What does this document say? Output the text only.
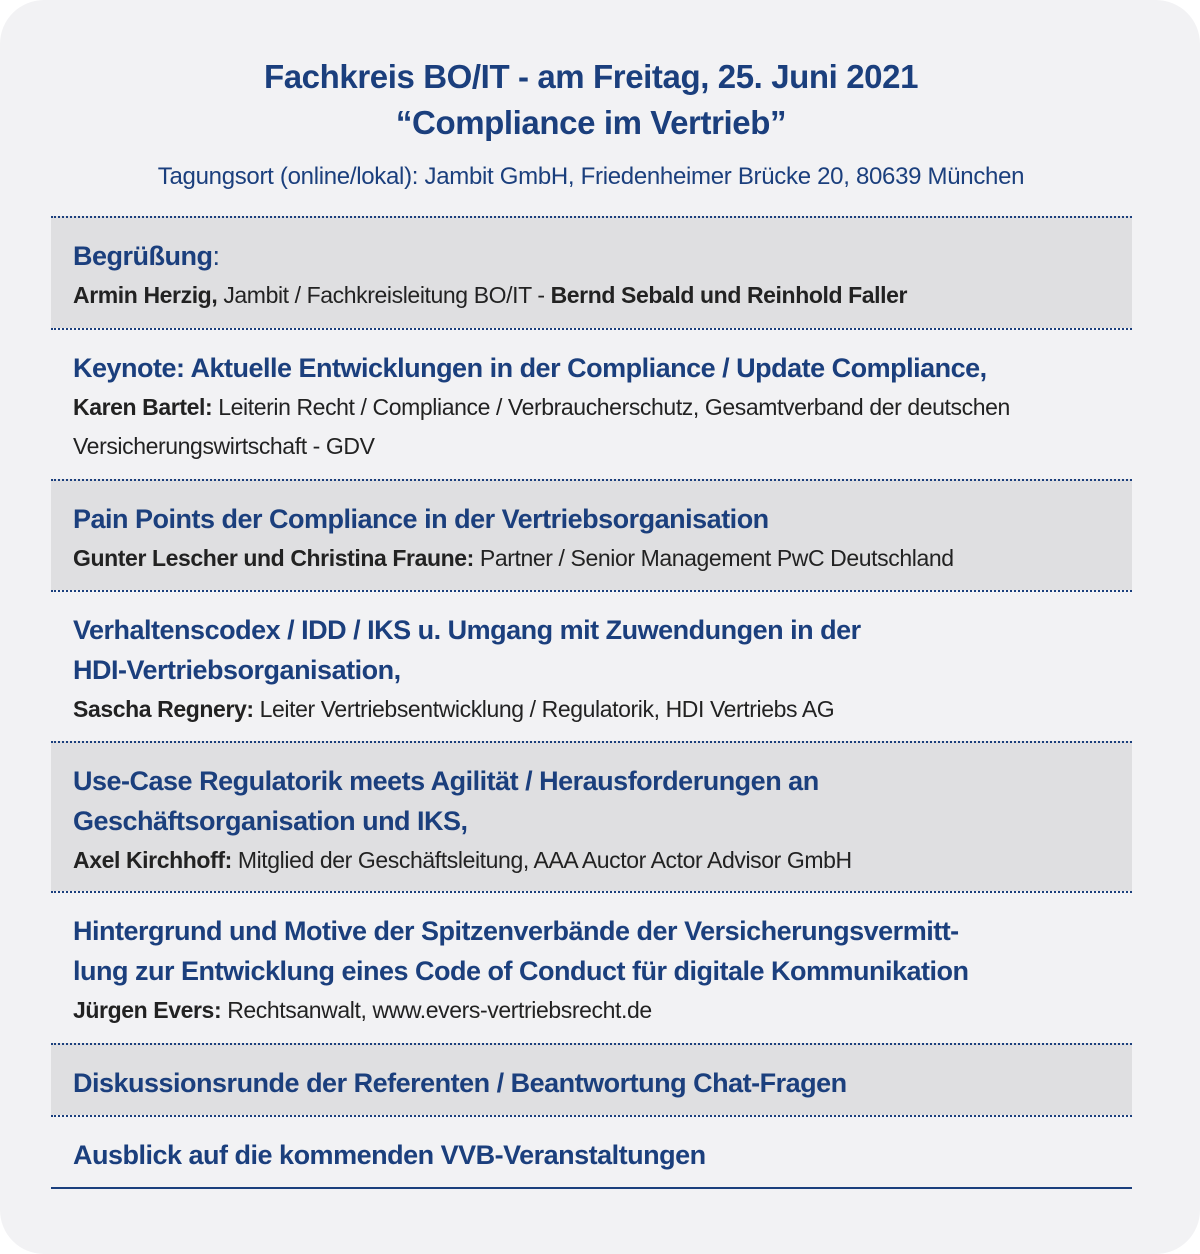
Fachkreis BO/IT - am Freitag, 25. Juni 2021
“Compliance im Vertrieb”
Tagungsort (online/lokal): Jambit GmbH, Friedenheimer Brücke 20, 80639 München
Begrüßung:
Armin Herzig, Jambit / Fachkreisleitung BO/IT - Bernd Sebald und Reinhold Faller
Keynote: Aktuelle Entwicklungen in der Compliance / Update Compliance,
Karen Bartel: Leiterin Recht / Compliance / Verbraucherschutz, Gesamtverband der deutschen Versicherungswirtschaft - GDV
Pain Points der Compliance in der Vertriebsorganisation
Gunter Lescher und Christina Fraune: Partner / Senior Management PwC Deutschland
Verhaltenscodex / IDD / IKS u. Umgang mit Zuwendungen in der
HDI-Vertriebsorganisation,
Sascha Regnery: Leiter Vertriebsentwicklung / Regulatorik, HDI Vertriebs AG
Use-Case Regulatorik meets Agilität / Herausforderungen an
Geschäftsorganisation und IKS,
Axel Kirchhoff: Mitglied der Geschäftsleitung, AAA Auctor Actor Advisor GmbH
Hintergrund und Motive der Spitzenverbände der Versicherungsvermitt-
lung zur Entwicklung eines Code of Conduct für digitale Kommunikation
Jürgen Evers: Rechtsanwalt, www.evers-vertriebsrecht.de
Diskussionsrunde der Referenten / Beantwortung Chat-Fragen
Ausblick auf die kommenden VVB-Veranstaltungen
